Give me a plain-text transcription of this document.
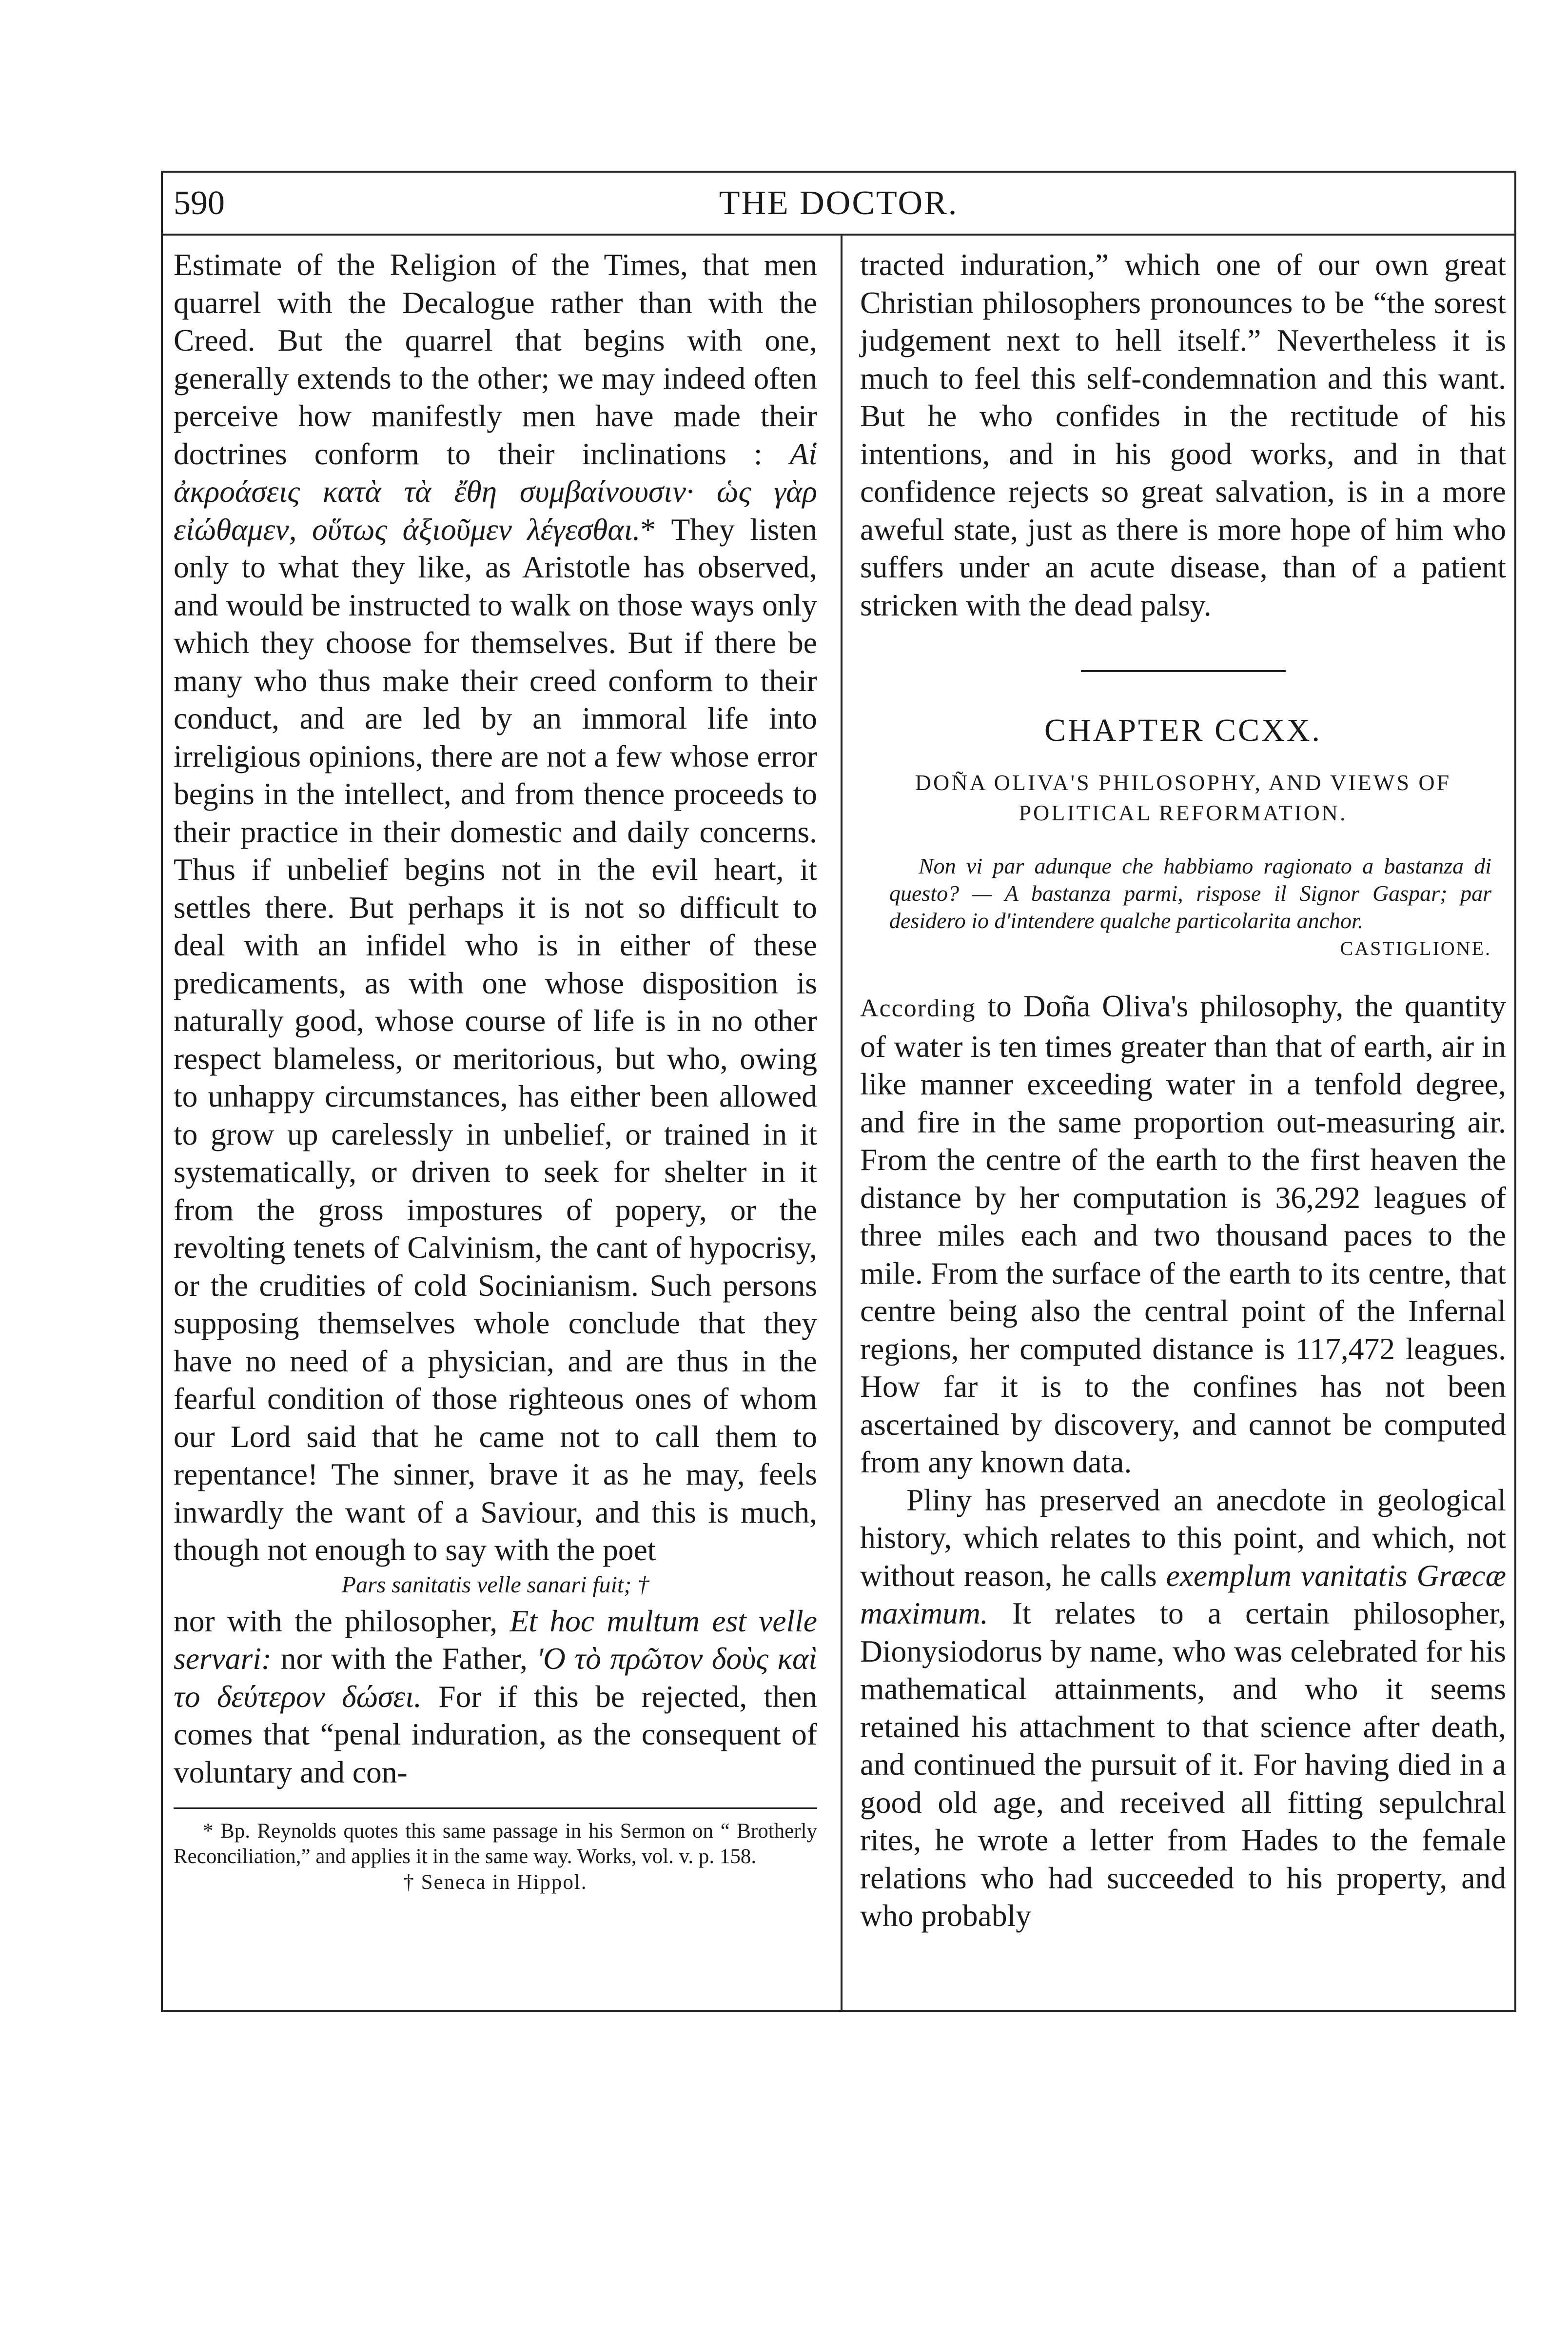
590	THE DOCTOR.

Estimate of the Religion of the Times, that men quarrel with the Decalogue rather than with the Creed. But the quarrel that begins with one, generally extends to the other; we may indeed often perceive how manifestly men have made their doctrines conform to their inclinations : Αἱ ἀκροάσεις κατὰ τὰ ἔθη συμβαίνουσιν· ὡς γὰρ εἰώθαμεν, οὕτως ἀξιοῦμεν λέγεσθαι.* They listen only to what they like, as Aristotle has observed, and would be instructed to walk on those ways only which they choose for themselves. But if there be many who thus make their creed conform to their conduct, and are led by an immoral life into irreligious opinions, there are not a few whose error begins in the intellect, and from thence proceeds to their practice in their domestic and daily concerns. Thus if unbelief begins not in the evil heart, it settles there. But perhaps it is not so difficult to deal with an infidel who is in either of these predicaments, as with one whose disposition is naturally good, whose course of life is in no other respect blameless, or meritorious, but who, owing to unhappy circumstances, has either been allowed to grow up carelessly in unbelief, or trained in it systematically, or driven to seek for shelter in it from the gross impostures of popery, or the revolting tenets of Calvinism, the cant of hypocrisy, or the crudities of cold Socinianism. Such persons supposing themselves whole conclude that they have no need of a physician, and are thus in the fearful condition of those righteous ones of whom our Lord said that he came not to call them to repentance! The sinner, brave it as he may, feels inwardly the want of a Saviour, and this is much, though not enough to say with the poet

Pars sanitatis velle sanari fuit; †

nor with the philosopher, Et hoc multum est velle servari: nor with the Father, 'Ο τὸ πρῶτον δοὺς καὶ το δεύτερον δώσει. For if this be rejected, then comes that “penal induration, as the consequent of voluntary and con-

* Bp. Reynolds quotes this same passage in his Sermon on “ Brotherly Reconciliation,” and applies it in the same way. Works, vol. v. p. 158.
† Seneca in Hippol.

tracted induration,” which one of our own great Christian philosophers pronounces to be “the sorest judgement next to hell itself.” Nevertheless it is much to feel this self-condemnation and this want. But he who confides in the rectitude of his intentions, and in his good works, and in that confidence rejects so great salvation, is in a more aweful state, just as there is more hope of him who suffers under an acute disease, than of a patient stricken with the dead palsy.

CHAPTER CCXX.
DOÑA OLIVA'S PHILOSOPHY, AND VIEWS OF POLITICAL REFORMATION.
Non vi par adunque che habbiamo ragionato a bastanza di questo? — A bastanza parmi, rispose il Signor Gaspar; par desidero io d'intendere qualche particolarita anchor.
CASTIGLIONE.

According to Doña Oliva's philosophy, the quantity of water is ten times greater than that of earth, air in like manner exceeding water in a tenfold degree, and fire in the same proportion out-measuring air. From the centre of the earth to the first heaven the distance by her computation is 36,292 leagues of three miles each and two thousand paces to the mile. From the surface of the earth to its centre, that centre being also the central point of the Infernal regions, her computed distance is 117,472 leagues. How far it is to the confines has not been ascertained by discovery, and cannot be computed from any known data.

Pliny has preserved an anecdote in geological history, which relates to this point, and which, not without reason, he calls exemplum vanitatis Græcæ maximum. It relates to a certain philosopher, Dionysiodorus by name, who was celebrated for his mathematical attainments, and who it seems retained his attachment to that science after death, and continued the pursuit of it. For having died in a good old age, and received all fitting sepulchral rites, he wrote a letter from Hades to the female relations who had succeeded to his property, and who probably
